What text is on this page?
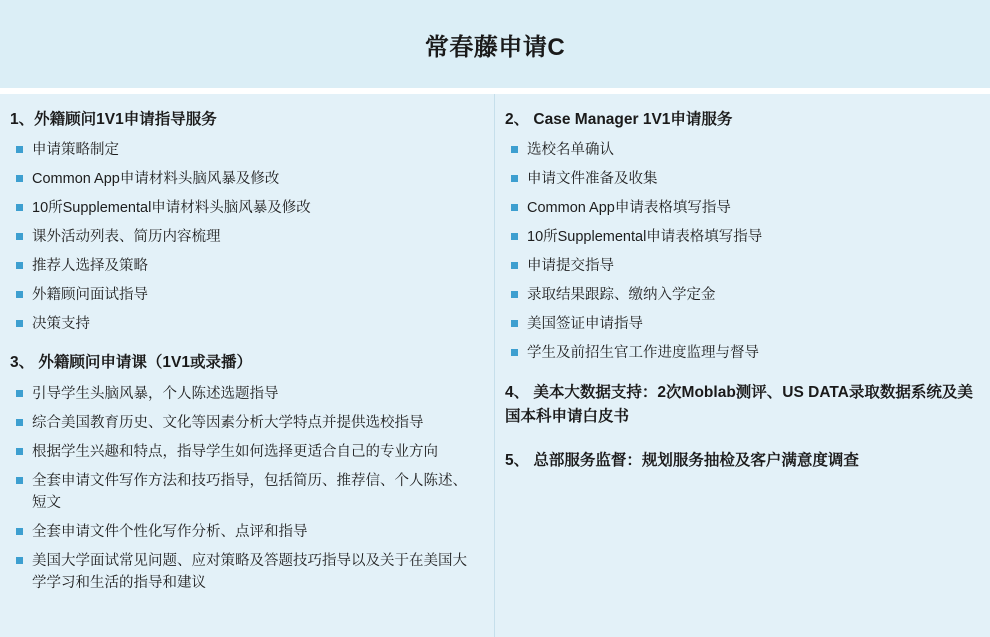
常春藤申请C
1、外籍顾问1V1申请指导服务
申请策略制定
Common App申请材料头脑风暴及修改
10所Supplemental申请材料头脑风暴及修改
课外活动列表、简历内容梳理
推荐人选择及策略
外籍顾问面试指导
决策支持
3、 外籍顾问申请课（1V1或录播）
引导学生头脑风暴，个人陈述选题指导
综合美国教育历史、文化等因素分析大学特点并提供选校指导
根据学生兴趣和特点，指导学生如何选择更适合自己的专业方向
全套申请文件写作方法和技巧指导，包括简历、推荐信、个人陈述、短文
全套申请文件个性化写作分析、点评和指导
美国大学面试常见问题、应对策略及答题技巧指导以及关于在美国大学学习和生活的指导和建议
2、 Case Manager 1V1申请服务
选校名单确认
申请文件准备及收集
Common App申请表格填写指导
10所Supplemental申请表格填写指导
申请提交指导
录取结果跟踪、缴纳入学定金
美国签证申请指导
学生及前招生官工作进度监理与督导
4、 美本大数据支持：2次Moblab测评、US DATA录取数据系统及美国本科申请白皮书
5、 总部服务监督：规划服务抽检及客户满意度调查
